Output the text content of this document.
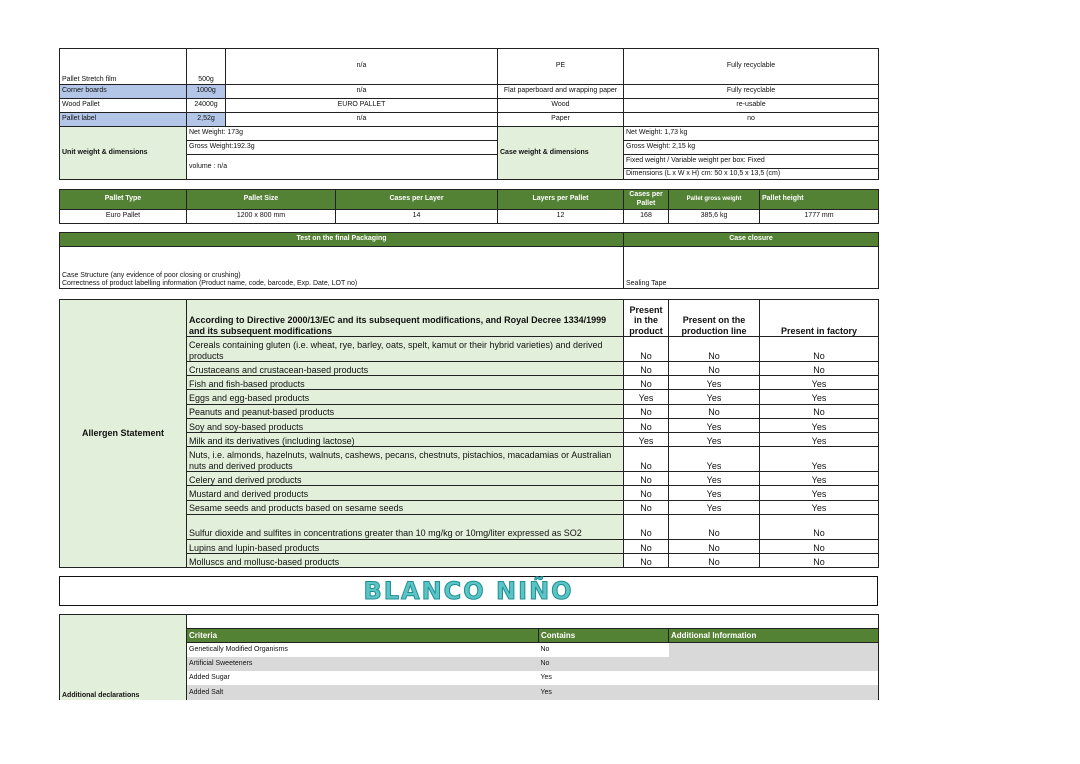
Pallet Stretch film	500g	n/a	PE	Fully recyclable
Corner boards	1000g	n/a	Flat paperboard and wrapping paper	Fully recyclable
Wood Pallet	24000g	EURO PALLET	Wood	re-usable
Pallet label	2,52g	n/a	Paper	no
Unit weight & dimensions	Net Weight: 173g	Case weight & dimensions	Net Weight: 1,73 kg
	Gross Weight:192.3g		Gross Weight: 2,15 kg
	volume : n/a		Fixed weight / Variable weight per box: Fixed
			Dimensions (L x W x H) cm: 50 x 10,5 x 13,5 (cm)
Pallet Type	Pallet Size	Cases per Layer	Layers per Pallet	Cases per Pallet	Pallet gross weight	Pallet height
Euro Pallet	1200 x 800 mm	14	12	168	385,6 kg	1777 mm
Test on the final Packaging	Case closure

Case Structure (any evidence of poor closing or crushing)
Correctness of product labelling information (Product name, code, barcode, Exp. Date, LOT no)	Sealing Tape
Allergen Statement	According to Directive 2000/13/EC and its subsequent modifications, and Royal Decree 1334/1999 and its subsequent modifications	Present in the product	Present on the production line	Present in factory
	Cereals containing gluten (i.e. wheat, rye, barley, oats, spelt, kamut or their hybrid varieties) and derived products	No	No	No
	Crustaceans and crustacean-based products	No	No	No
	Fish and fish-based products	No	Yes	Yes
	Eggs and egg-based products	Yes	Yes	Yes
	Peanuts and peanut-based products	No	No	No
	Soy and soy-based products	No	Yes	Yes
	Milk and its derivatives (including lactose)	Yes	Yes	Yes
	Nuts, i.e. almonds, hazelnuts, walnuts, cashews, pecans, chestnuts, pistachios, macadamias or Australian nuts and derived products	No	Yes	Yes
	Celery and derived products	No	Yes	Yes
	Mustard and derived products	No	Yes	Yes
	Sesame seeds and products based on sesame seeds	No	Yes	Yes
	Sulfur dioxide and sulfites in concentrations greater than 10 mg/kg or 10mg/liter expressed as SO2	No	No	No
	Lupins and lupin-based products	No	No	No
	Molluscs and mollusc-based products	No	No	No
BLANCO NIÑO
Additional declarations			
	Criteria	Contains	Additional Information
	Genetically Modified Organisms	No	
	Artificial Sweeteners	No	
	Added Sugar	Yes	
	Added Salt	Yes	
